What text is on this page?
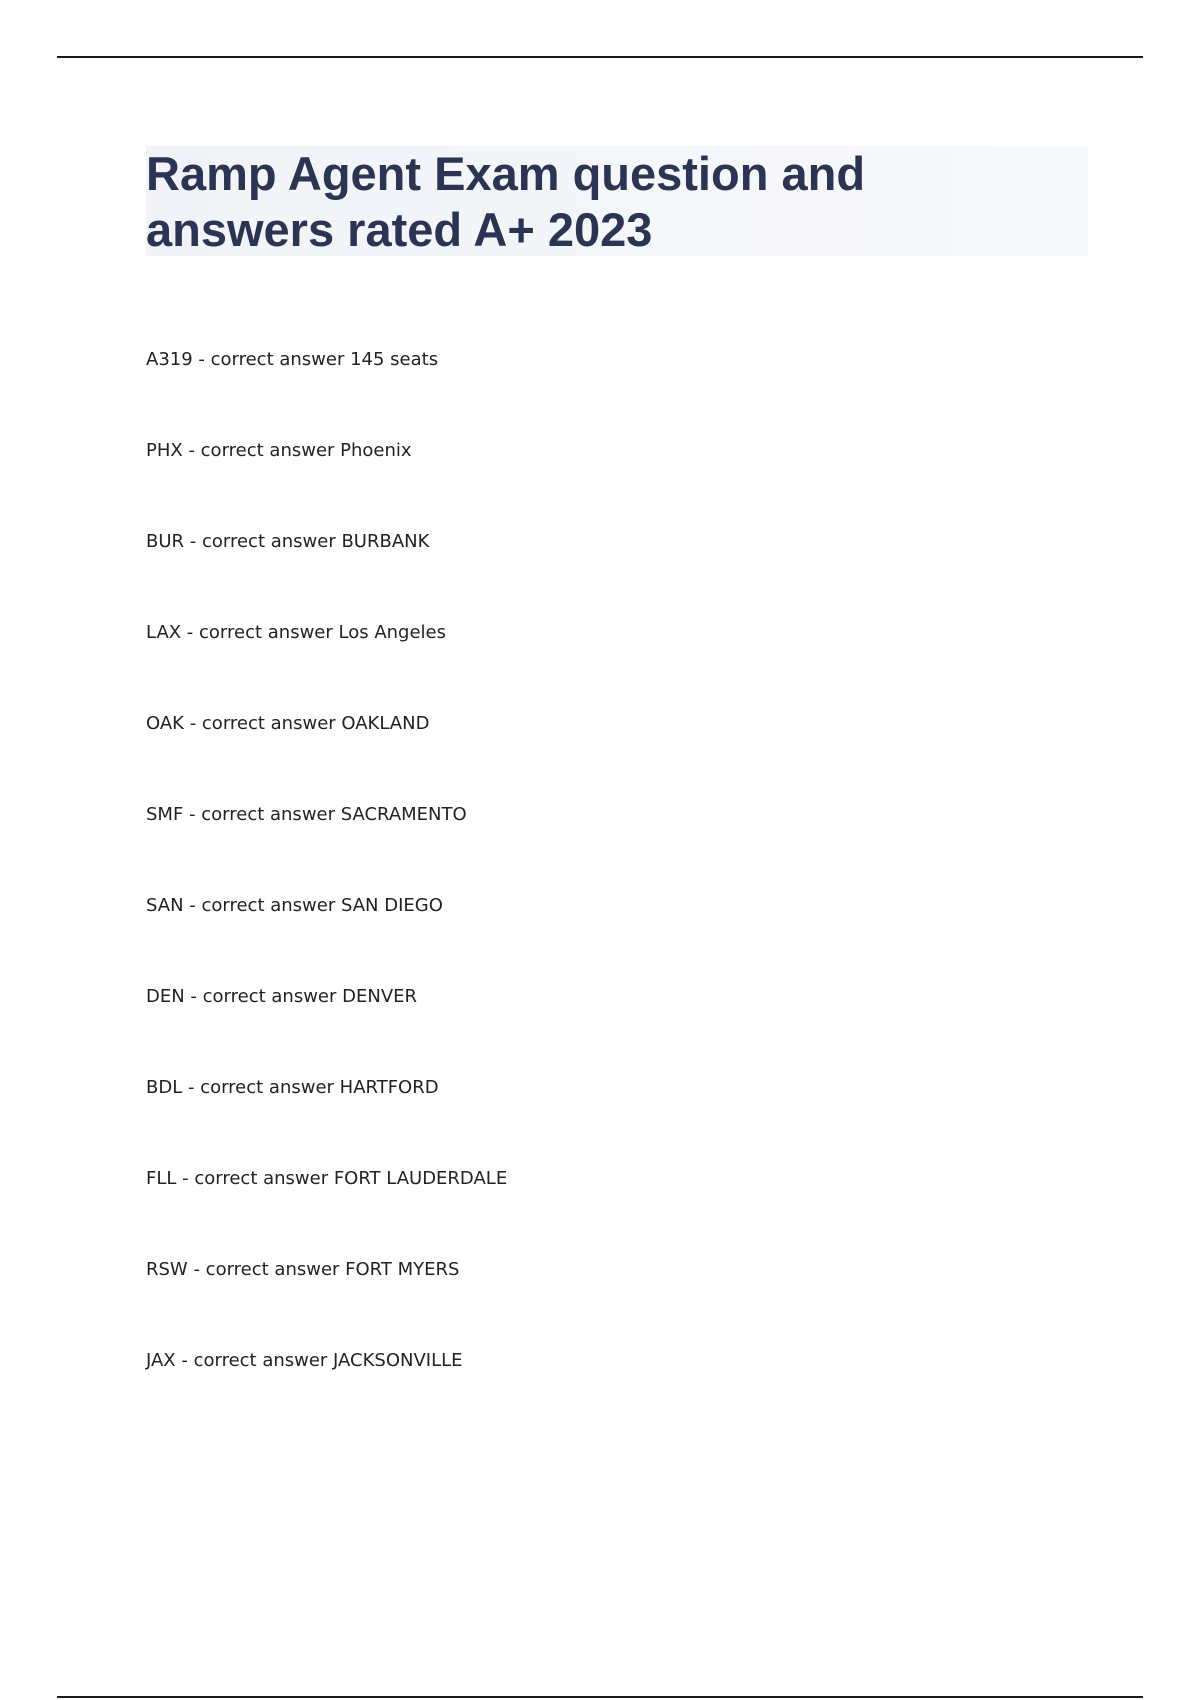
Ramp Agent Exam question and answers rated A+ 2023
A319 - correct answer 145 seats
PHX - correct answer Phoenix
BUR - correct answer BURBANK
LAX - correct answer Los Angeles
OAK - correct answer OAKLAND
SMF - correct answer SACRAMENTO
SAN - correct answer SAN DIEGO
DEN - correct answer DENVER
BDL - correct answer HARTFORD
FLL - correct answer FORT LAUDERDALE
RSW - correct answer FORT MYERS
JAX - correct answer JACKSONVILLE
